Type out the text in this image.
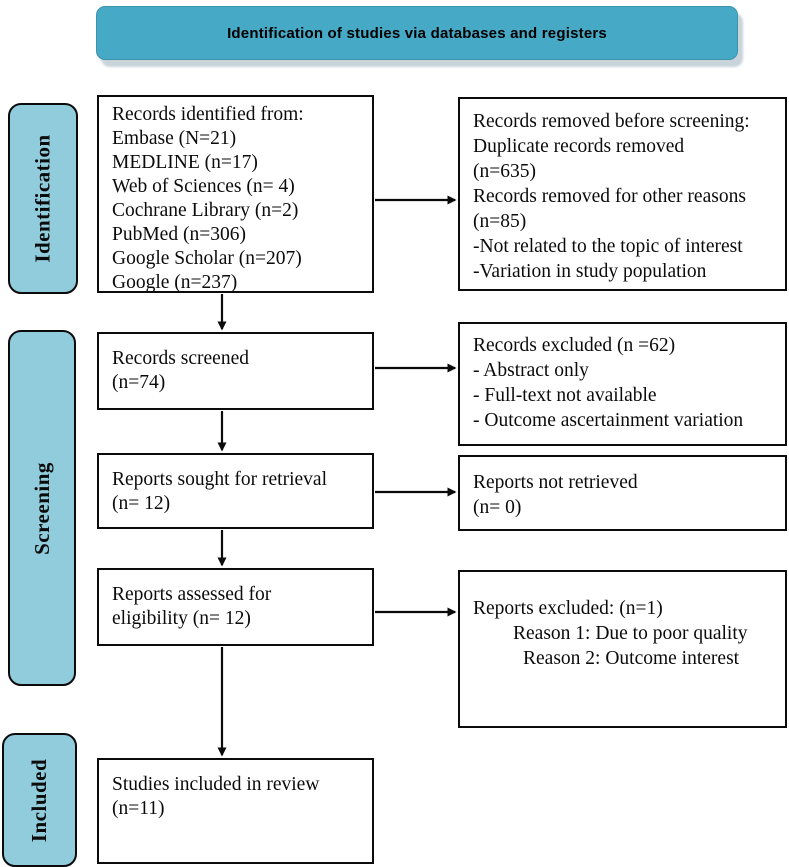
Identification of studies via databases and registers
Identification
Screening
Included
Records identified from:
Embase (N=21)
MEDLINE (n=17)
Web of Sciences (n= 4)
Cochrane Library (n=2)
PubMed (n=306)
Google Scholar (n=207)
Google (n=237)
Records screened
(n=74)
Reports sought for retrieval
(n= 12)
Reports assessed for
eligibility (n= 12)
Studies included in review
(n=11)
Records removed before screening:
Duplicate records removed
(n=635)
Records removed for other reasons
(n=85)
-Not related to the topic of interest
-Variation in study population
Records excluded (n =62)
- Abstract only
- Full-text not available
- Outcome ascertainment variation
Reports not retrieved
(n= 0)
Reports excluded: (n=1)
Reason 1: Due to poor quality
Reason 2: Outcome interest
